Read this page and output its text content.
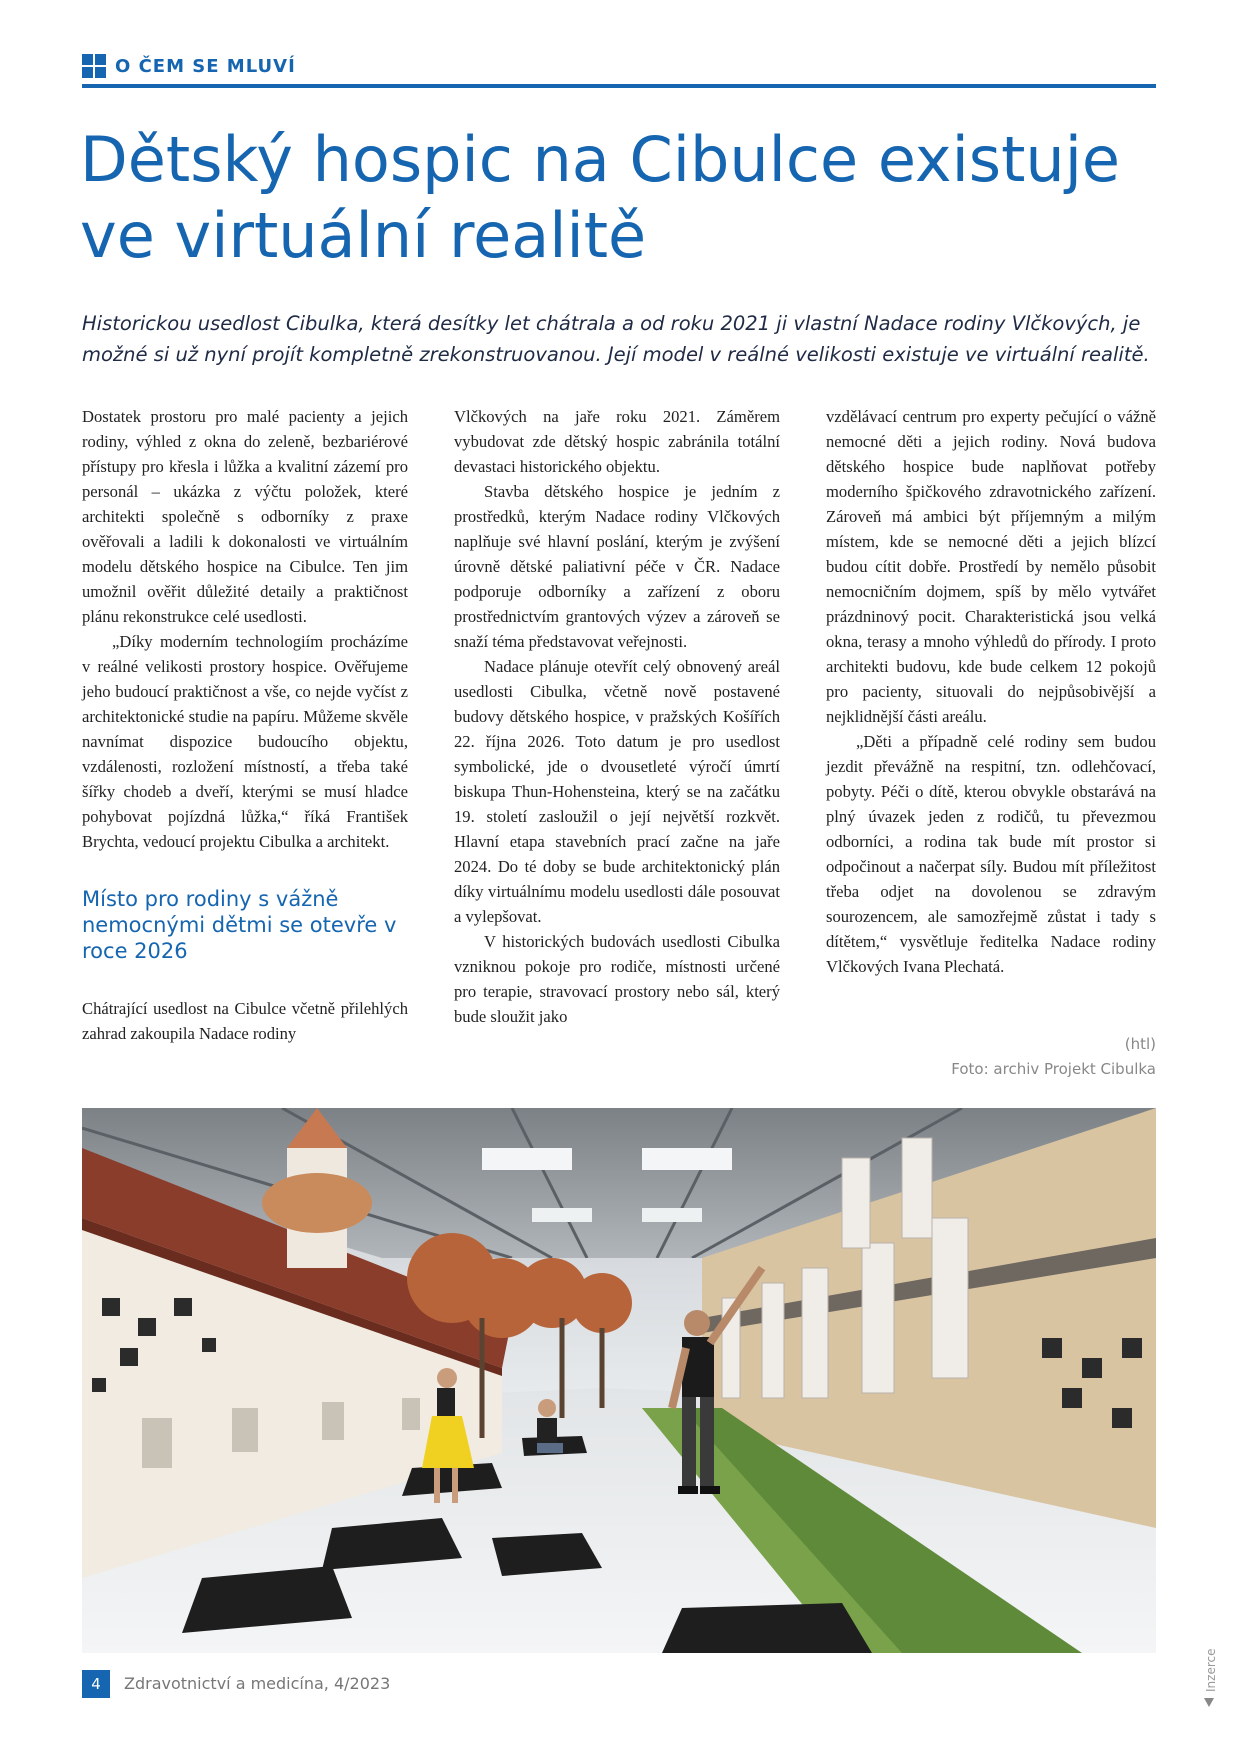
O ČEM SE MLUVÍ
Dětský hospic na Cibulce existuje ve virtuální realitě

Historickou usedlost Cibulka, která desítky let chátrala a od roku 2021 ji vlastní Nadace rodiny Vlčkových, je možné si už nyní projít kompletně zrekonstruovanou. Její model v reálné velikosti existuje ve virtuální realitě.

Dostatek prostoru pro malé pacienty a jejich rodiny, výhled z okna do zeleně, bezbariérové přístupy pro křesla i lůžka a kvalitní zázemí pro personál – ukázka z výčtu položek, které architekti společně s odborníky z praxe ověřovali a ladili k dokonalosti ve virtuálním modelu dětského hospice na Cibulce. Ten jim umožnil ověřit důležité detaily a praktičnost plánu rekonstrukce celé usedlosti.

„Díky moderním technologiím procházíme v reálné velikosti prostory hospice. Ověřujeme jeho budoucí praktičnost a vše, co nejde vyčíst z architektonické studie na papíru. Můžeme skvěle navnímat dispozice budoucího objektu, vzdálenosti, rozložení místností, a třeba také šířky chodeb a dveří, kterými se musí hladce pohybovat pojízdná lůžka,“ říká František Brychta, vedoucí projektu Cibulka a architekt.

Místo pro rodiny s vážně nemocnými dětmi se otevře v roce 2026

Chátrající usedlost na Cibulce včetně přilehlých zahrad zakoupila Nadace rodiny

Vlčkových na jaře roku 2021. Záměrem vybudovat zde dětský hospic zabránila totální devastaci historického objektu.

Stavba dětského hospice je jedním z prostředků, kterým Nadace rodiny Vlčkových naplňuje své hlavní poslání, kterým je zvýšení úrovně dětské paliativní péče v ČR. Nadace podporuje odborníky a zařízení z oboru prostřednictvím grantových výzev a zároveň se snaží téma představovat veřejnosti.

Nadace plánuje otevřít celý obnovený areál usedlosti Cibulka, včetně nově postavené budovy dětského hospice, v pražských Košířích 22. října 2026. Toto datum je pro usedlost symbolické, jde o dvousetleté výročí úmrtí biskupa Thun-Hohensteina, který se na začátku 19. století zasloužil o její největší rozkvět. Hlavní etapa stavebních prací začne na jaře 2024. Do té doby se bude architektonický plán díky virtuálnímu modelu usedlosti dále posouvat a vylepšovat.

V historických budovách usedlosti Cibulka vzniknou pokoje pro rodiče, místnosti určené pro terapie, stravovací prostory nebo sál, který bude sloužit jako

vzdělávací centrum pro experty pečující o vážně nemocné děti a jejich rodiny. Nová budova dětského hospice bude naplňovat potřeby moderního špičkového zdravotnického zařízení. Zároveň má ambici být příjemným a milým místem, kde se nemocné děti a jejich blízcí budou cítit dobře. Prostředí by nemělo působit nemocničním dojmem, spíš by mělo vytvářet prázdninový pocit. Charakteristická jsou velká okna, terasy a mnoho výhledů do přírody. I proto architekti budovu, kde bude celkem 12 pokojů pro pacienty, situovali do nejpůsobivější a nejklidnější části areálu.

„Děti a případně celé rodiny sem budou jezdit převážně na respitní, tzn. odlehčovací, pobyty. Péči o dítě, kterou obvykle obstarává na plný úvazek jeden z rodičů, tu převezmou odborníci, a rodina tak bude mít prostor si odpočinout a načerpat síly. Budou mít příležitost třeba odjet na dovolenou se zdravým sourozencem, ale samozřejmě zůstat i tady s dítětem,“ vysvětluje ředitelka Nadace rodiny Vlčkových Ivana Plechatá.

(htl)
Foto: archiv Projekt Cibulka
Inzerce
4	Zdravotnictví a medicína, 4/2023
